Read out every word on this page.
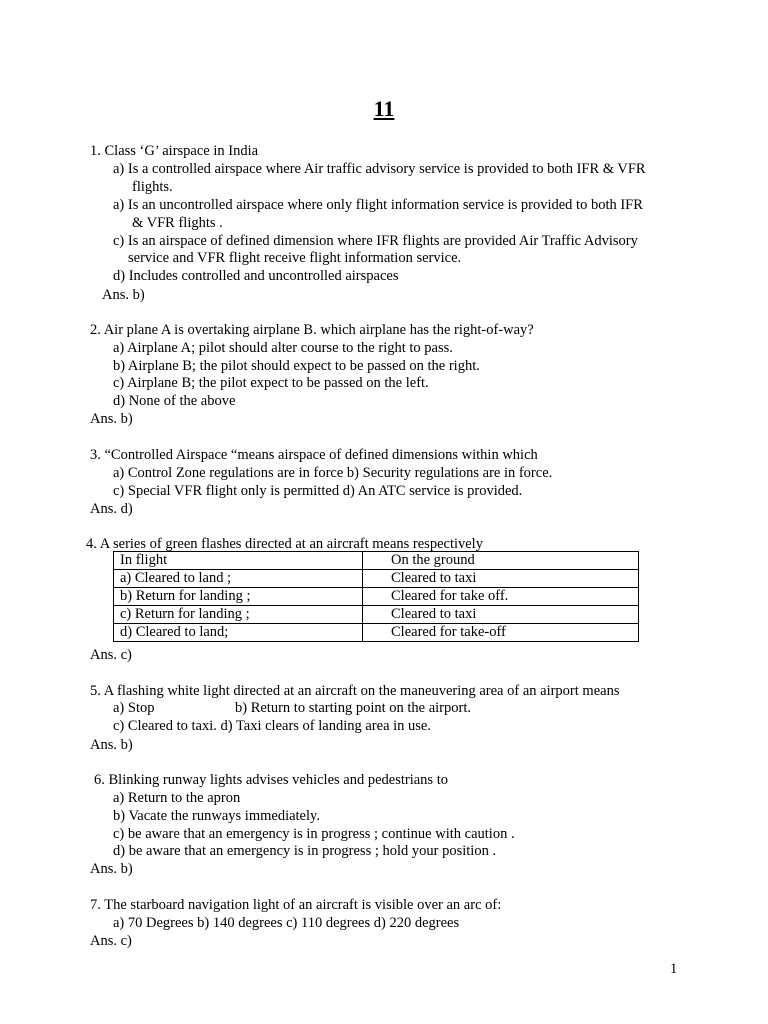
11
1. Class ‘G’ airspace in India
a) Is a controlled airspace where Air traffic advisory service is provided to both IFR & VFR
flights.
a) Is an uncontrolled airspace where only flight information service is provided to both IFR
& VFR flights .
c) Is an airspace of defined dimension where IFR flights are provided Air Traffic Advisory
service and VFR flight receive flight information service.
d) Includes controlled and uncontrolled airspaces
Ans. b)
2. Air plane A is overtaking airplane B. which airplane has the right-of-way?
a) Airplane A; pilot should alter course to the right to pass.
b) Airplane B; the pilot should expect to be passed on the right.
c) Airplane B; the pilot expect to be passed on the left.
d) None of the above
Ans. b)
3. “Controlled Airspace “means airspace of defined dimensions within which
a) Control Zone regulations are in force b) Security regulations are in force.
c) Special VFR flight only is permitted d) An ATC service is provided.
Ans. d)
4. A series of green flashes directed at an aircraft means respectively
In flight	On the ground
a) Cleared to land ;	Cleared to taxi
b) Return for landing ;	Cleared for take off.
c) Return for landing ;	Cleared to taxi
d) Cleared to land;	Cleared for take-off
Ans. c)
5. A flashing white light directed at an aircraft on the maneuvering area of an airport means
a) Stop	b) Return to starting point on the airport.
c) Cleared to taxi. d) Taxi clears of landing area in use.
Ans. b)
6. Blinking runway lights advises vehicles and pedestrians to
a) Return to the apron
b) Vacate the runways immediately.
c) be aware that an emergency is in progress ; continue with caution .
d) be aware that an emergency is in progress ; hold your position .
Ans. b)
7. The starboard navigation light of an aircraft is visible over an arc of:
a) 70 Degrees b) 140 degrees c) 110 degrees d) 220 degrees
Ans. c)
1
